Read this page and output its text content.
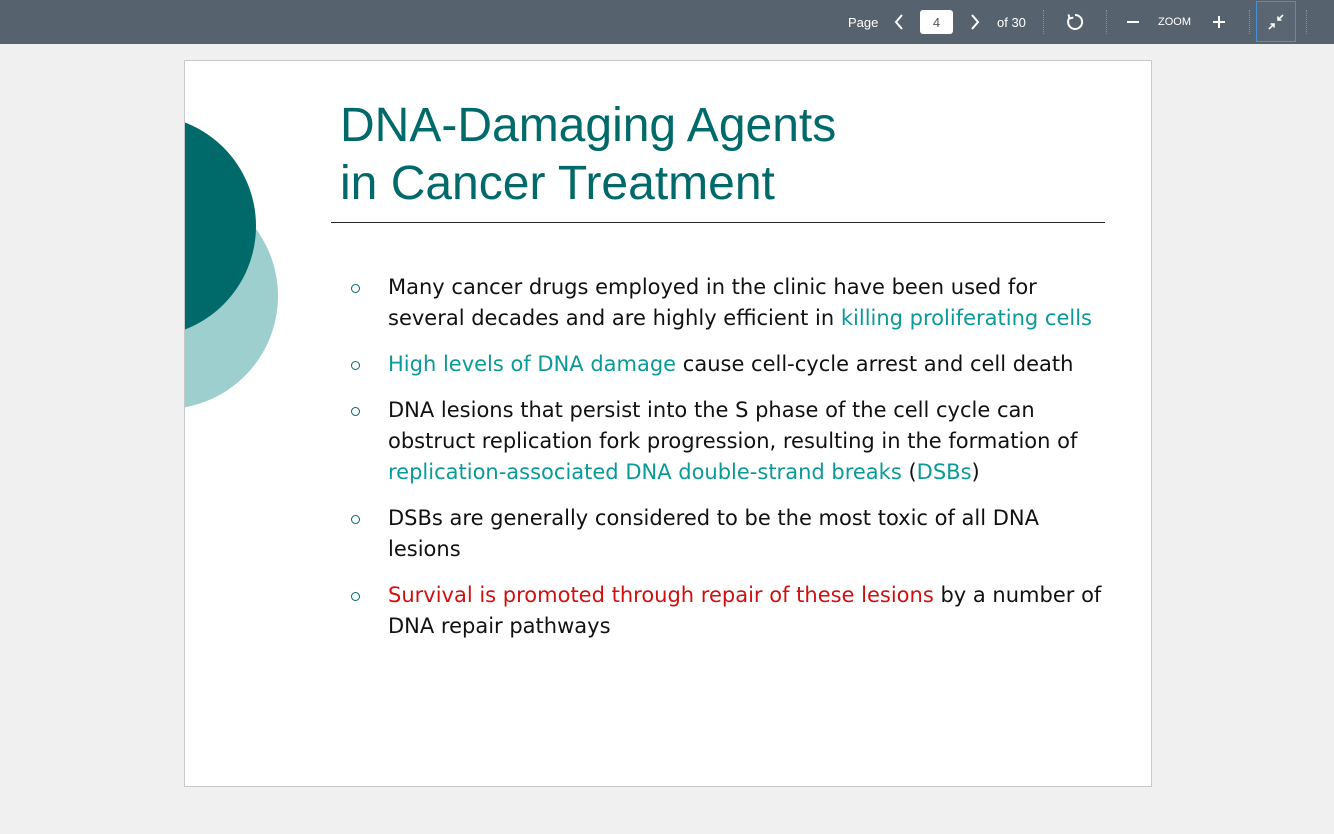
Page
4	of 30	ZOOM
DNA-Damaging Agents
in Cancer Treatment
Many cancer drugs employed in the clinic have been used for several decades and are highly efficient in killing proliferating cells
High levels of DNA damage cause cell-cycle arrest and cell death
DNA lesions that persist into the S phase of the cell cycle can obstruct replication fork progression, resulting in the formation of replication-associated DNA double-strand breaks (DSBs)
DSBs are generally considered to be the most toxic of all DNA lesions
Survival is promoted through repair of these lesions by a number of DNA repair pathways
